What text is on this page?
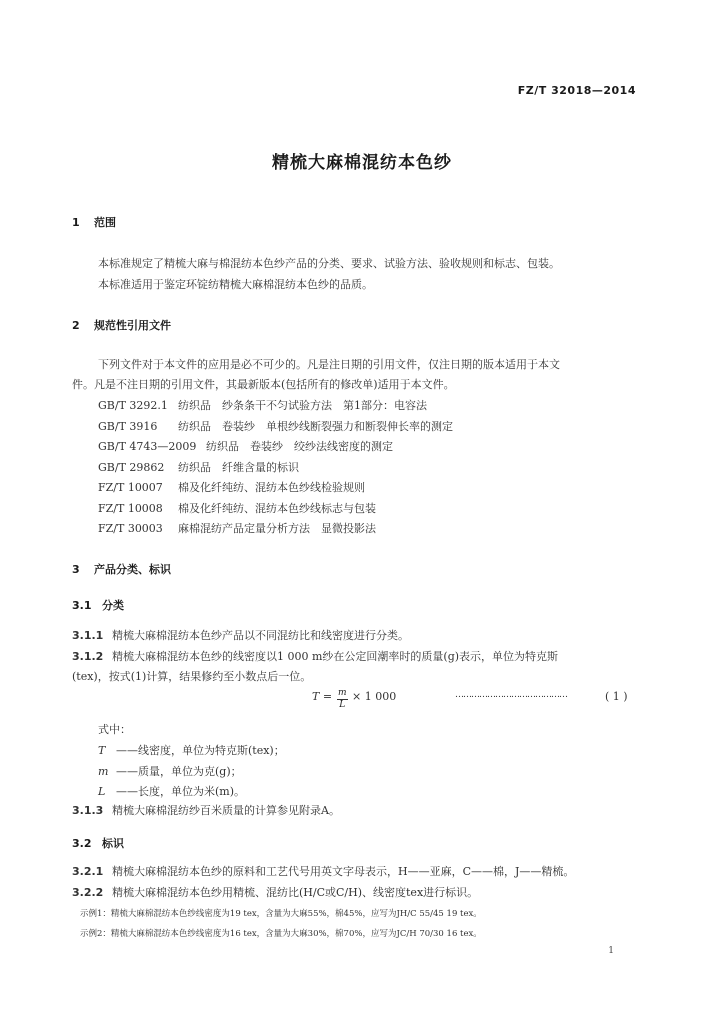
FZ/T 32018—2014
精梳大麻棉混纺本色纱
1 范围
本标准规定了精梳大麻与棉混纺本色纱产品的分类、要求、试验方法、验收规则和标志、包装。
本标准适用于鉴定环锭纺精梳大麻棉混纺本色纱的品质。
2 规范性引用文件
下列文件对于本文件的应用是必不可少的。凡是注日期的引用文件，仅注日期的版本适用于本文
件。凡是不注日期的引用文件，其最新版本(包括所有的修改单)适用于本文件。
GB/T 3292.1 纺织品　纱条条干不匀试验方法　第1部分：电容法
GB/T 3916 纺织品　卷装纱　单根纱线断裂强力和断裂伸长率的测定
GB/T 4743—2009 纺织品　卷装纱　绞纱法线密度的测定
GB/T 29862 纺织品　纤维含量的标识
FZ/T 10007 棉及化纤纯纺、混纺本色纱线检验规则
FZ/T 10008 棉及化纤纯纺、混纺本色纱线标志与包装
FZ/T 30003 麻棉混纺产品定量分析方法　显微投影法
3 产品分类、标识
3.1 分类
3.1.1 精梳大麻棉混纺本色纱产品以不同混纺比和线密度进行分类。
3.1.2 精梳大麻棉混纺本色纱的线密度以1 000 m纱在公定回潮率时的质量(g)表示，单位为特克斯
(tex)，按式(1)计算，结果修约至小数点后一位。
$T = \frac{m}{L} \times 1$ 000	……………………………………	( 1 )
式中：
T ——线密度，单位为特克斯(tex)；
m ——质量，单位为克(g)；
L ——长度，单位为米(m)。
3.1.3 精梳大麻棉混纺纱百米质量的计算参见附录A。
3.2 标识
3.2.1 精梳大麻棉混纺本色纱的原料和工艺代号用英文字母表示，H——亚麻，C——棉，J——精梳。
3.2.2 精梳大麻棉混纺本色纱用精梳、混纺比(H/C或C/H)、线密度tex进行标识。
示例1：精梳大麻棉混纺本色纱线密度为19 tex，含量为大麻55%，棉45%，应写为JH/C 55/45 19 tex。
示例2：精梳大麻棉混纺本色纱线密度为16 tex，含量为大麻30%，棉70%，应写为JC/H 70/30 16 tex。
1
